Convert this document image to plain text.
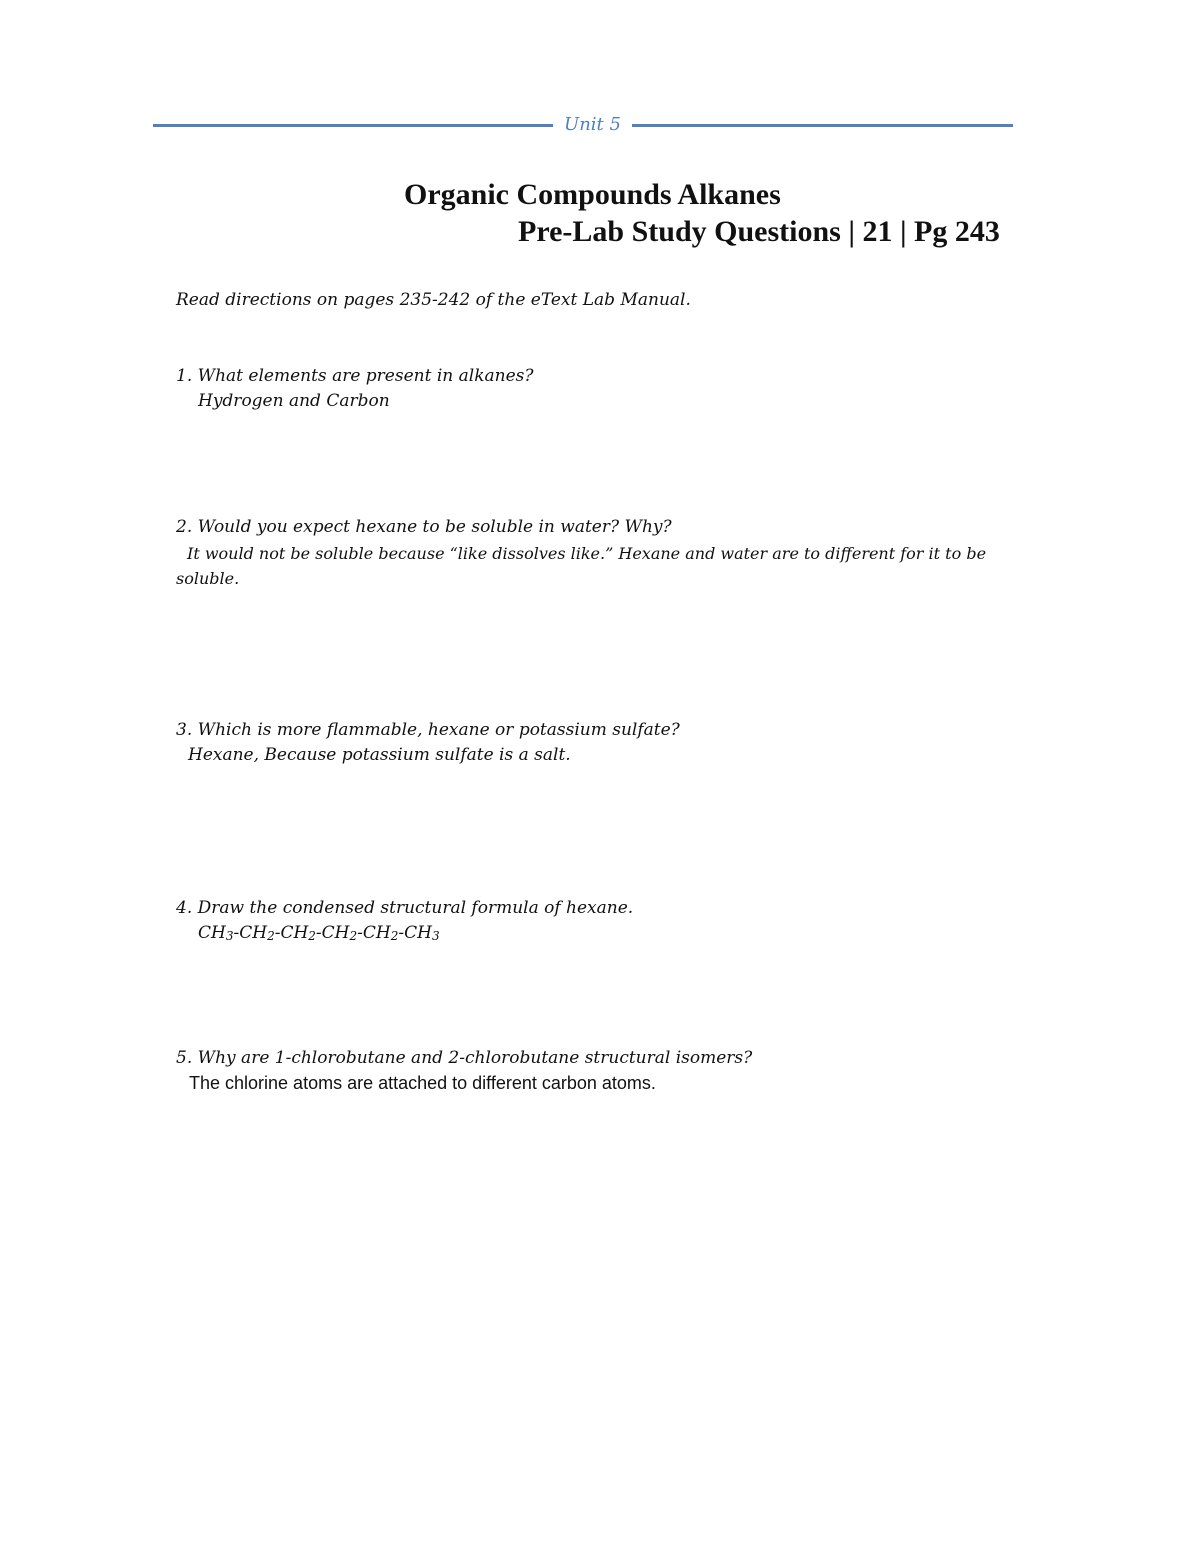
Unit 5
Organic Compounds Alkanes
Pre-Lab Study Questions | 21 | Pg 243
Read directions on pages 235-242 of the eText Lab Manual.
1. What elements are present in alkanes?
Hydrogen and Carbon
2. Would you expect hexane to be soluble in water? Why?
It would not be soluble because “like dissolves like.” Hexane and water are to different for it to be soluble.
3. Which is more flammable, hexane or potassium sulfate?
Hexane, Because potassium sulfate is a salt.
4. Draw the condensed structural formula of hexane.
$CH_3-CH_2-CH_2-CH_2-CH_2-CH_3$
5. Why are 1-chlorobutane and 2-chlorobutane structural isomers?
The chlorine atoms are attached to different carbon atoms.
